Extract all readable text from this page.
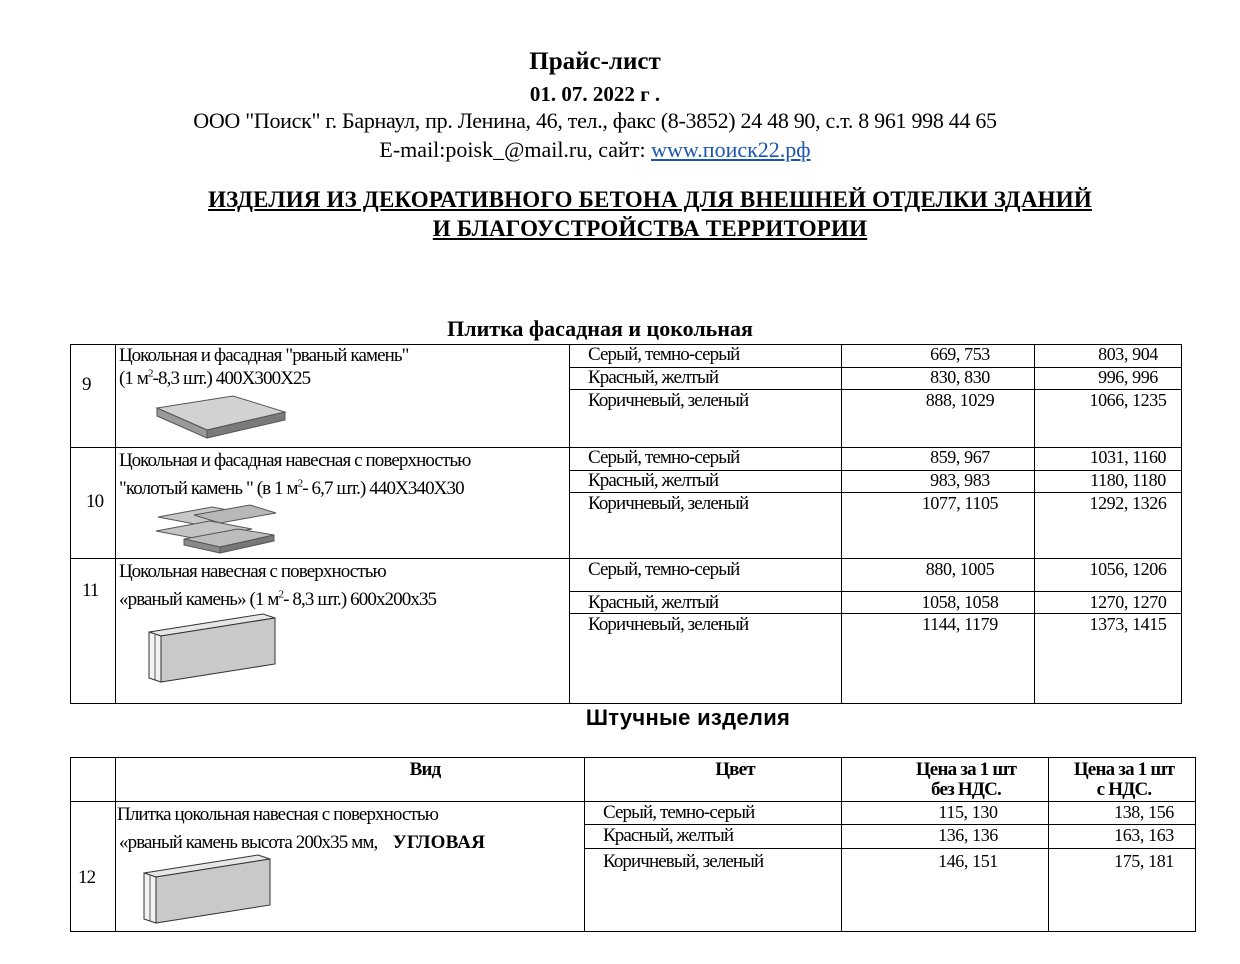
Прайс-лист
01. 07. 2022 г .
ООО "Поиск" г. Барнаул, пр. Ленина, 46, тел., факс (8-3852) 24 48 90, с.т. 8 961 998 44 65
E-mail:poisk_@mail.ru, сайт: www.поиск22.рф
ИЗДЕЛИЯ ИЗ ДЕКОРАТИВНОГО БЕТОНА ДЛЯ ВНЕШНЕЙ ОТДЕЛКИ ЗДАНИЙ
И БЛАГОУСТРОЙСТВА ТЕРРИТОРИИ
Плитка фасадная и цокольная
9
Цокольная и фасадная "рваный камень"
(1 $м^2-8,3$ шт.) 400Х300Х25
Серый, темно-серый
Красный, желтый
Коричневый, зеленый
669, 753
830, 830
888, 1029
803, 904
996, 996
1066, 1235
10
Цокольная и фасадная навесная с поверхностью
"колотый камень " (в 1 $м^2-$ 6,7 шт.) 440Х340Х30
Серый, темно-серый
Красный, желтый
Коричневый, зеленый
859, 967
983, 983
1077, 1105
1031, 1160
1180, 1180
1292, 1326
11
Цокольная навесная с поверхностью
«рваный камень» (1 $м^2-$ 8,3 шт.) 600х200х35
Серый, темно-серый
Красный, желтый
Коричневый, зеленый
880, 1005
1058, 1058
1144, 1179
1056, 1206
1270, 1270
1373, 1415
Штучные изделия
Вид	Цвет	Цена за 1 шт
без НДС.
Цена за 1 шт
с НДС.
12
Плитка цокольная навесная с поверхностью
«рваный камень высота 200х35 мм, УГЛОВАЯ
Серый, темно-серый
Красный, желтый
Коричневый, зеленый
115, 130
136, 136
146, 151
138, 156
163, 163
175, 181
